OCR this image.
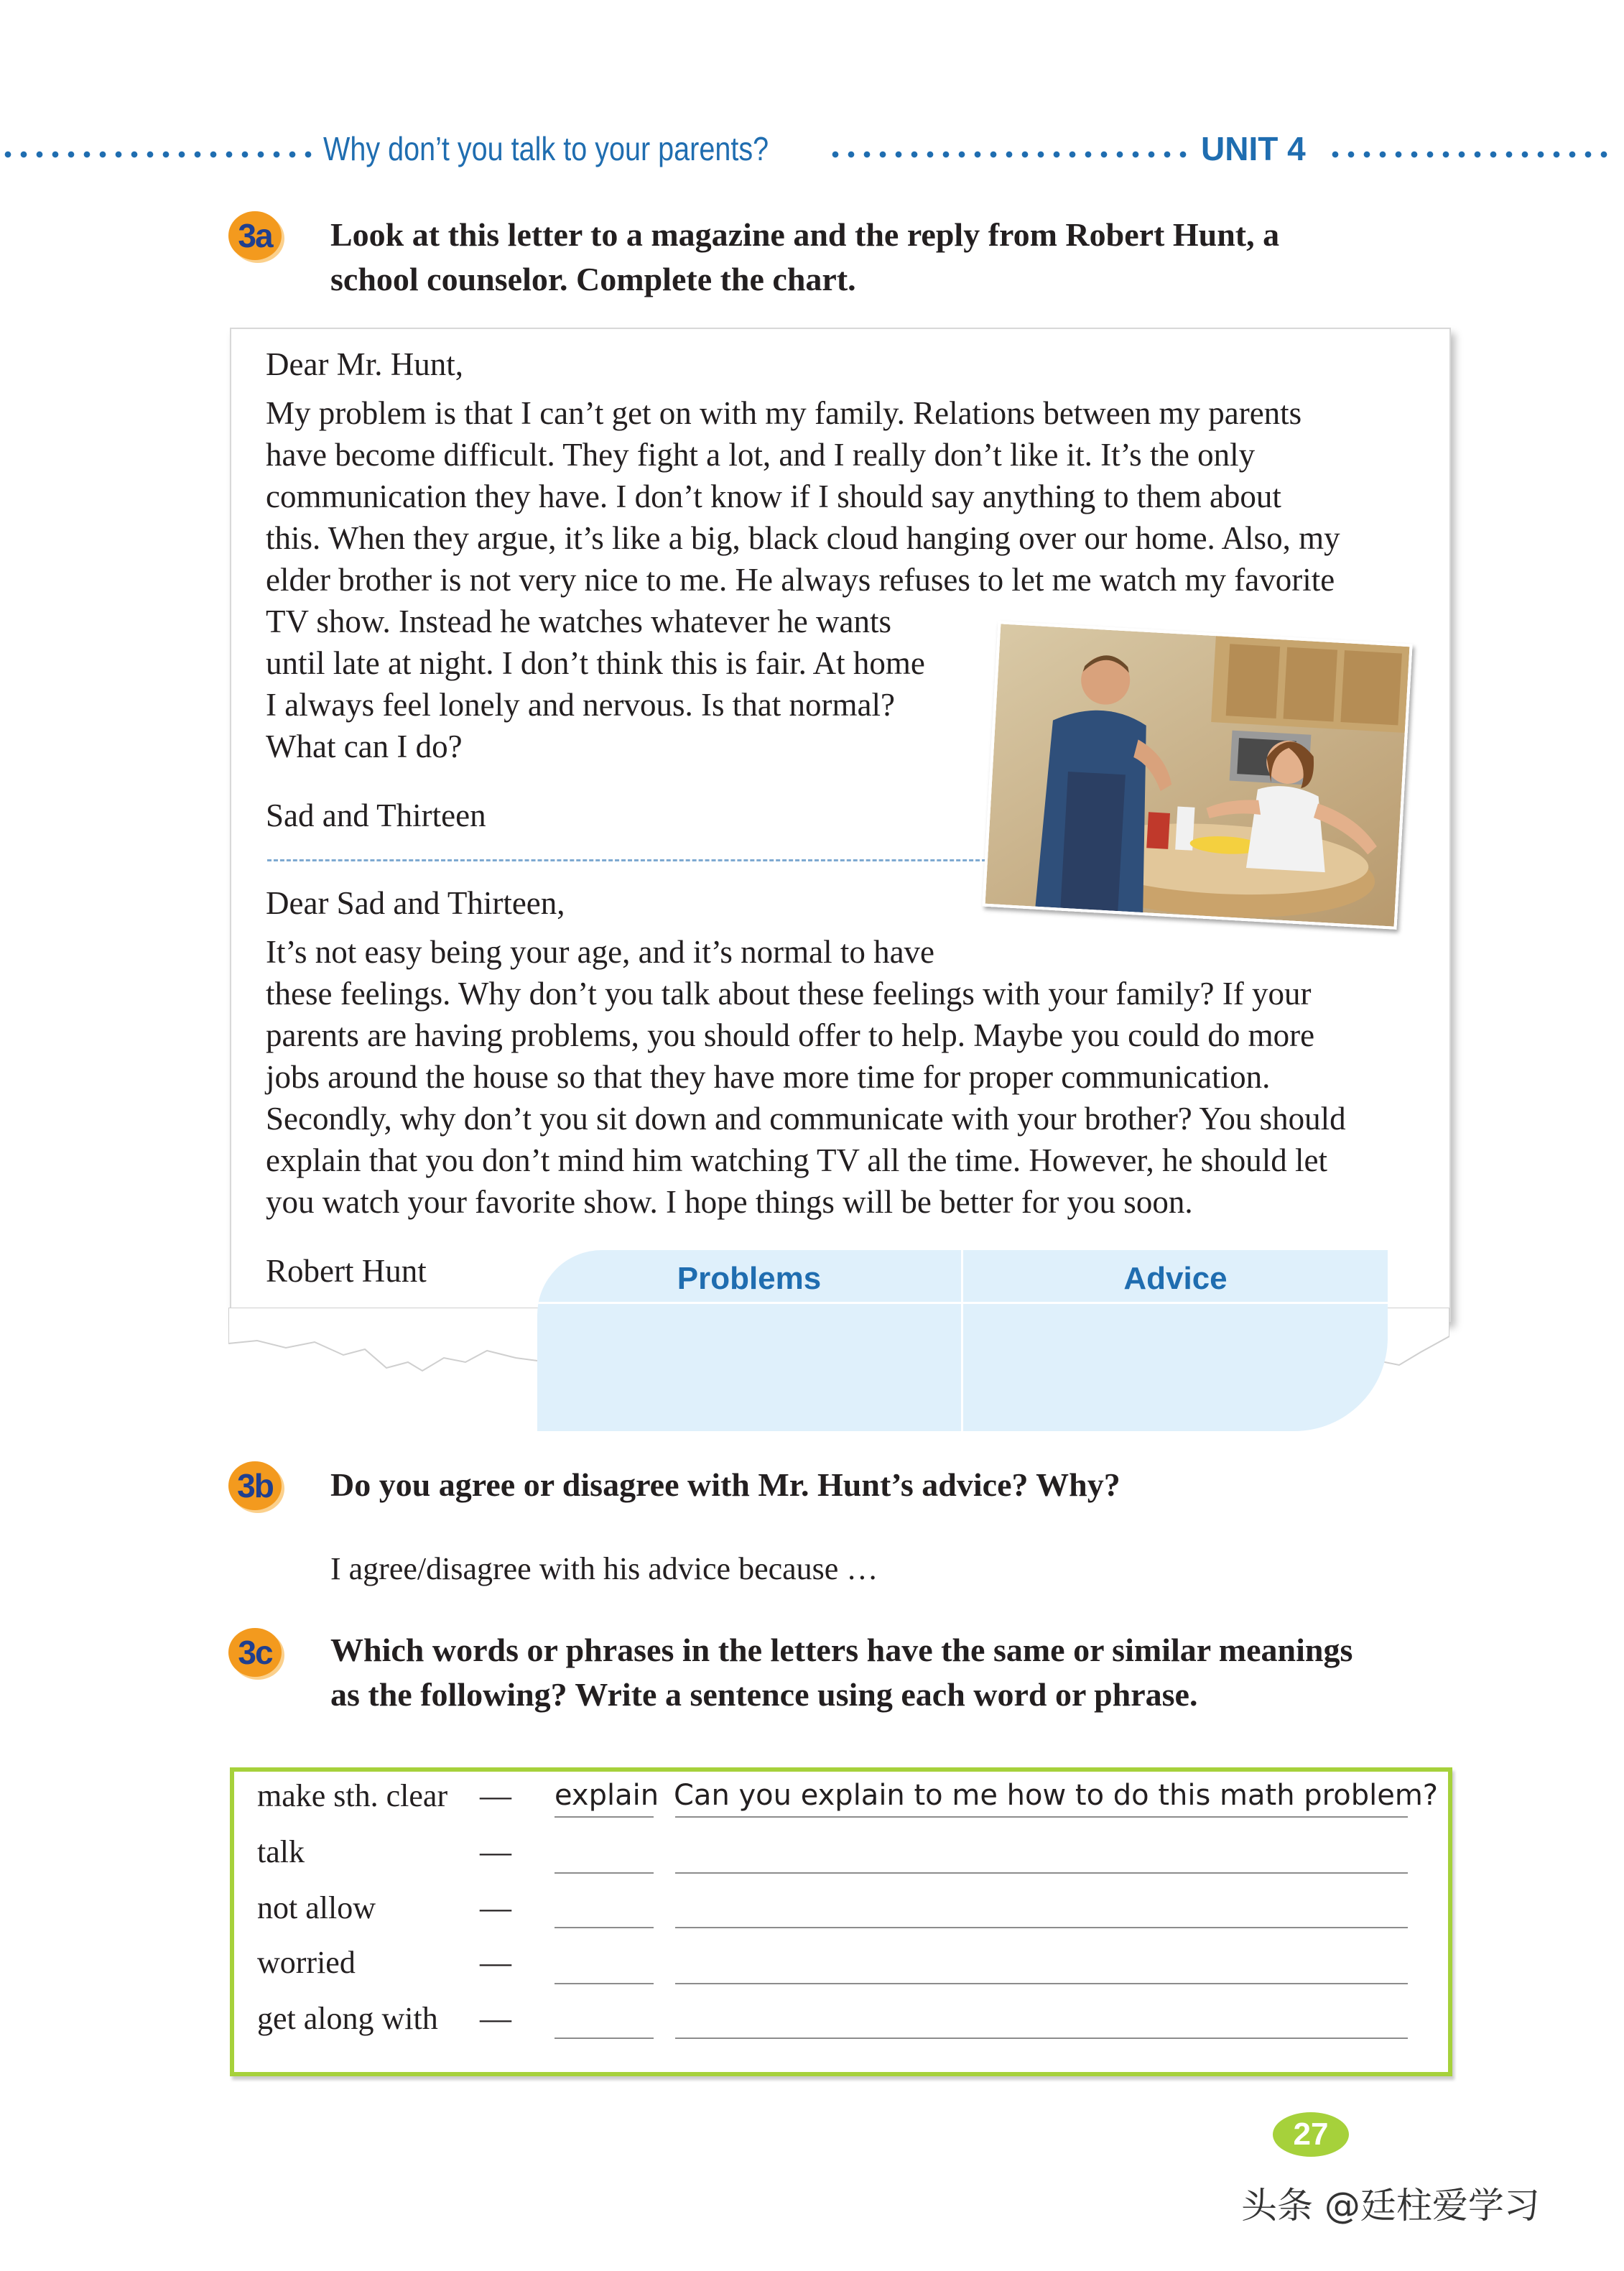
Why don’t you talk to your parents?	UNIT 4
3a Look at this letter to a magazine and the reply from Robert Hunt, a
school counselor. Complete the chart.
Dear Mr. Hunt,
My problem is that I can’t get on with my family. Relations between my parents
have become difficult. They fight a lot, and I really don’t like it. It’s the only
communication they have. I don’t know if I should say anything to them about
this. When they argue, it’s like a big, black cloud hanging over our home. Also, my
elder brother is not very nice to me. He always refuses to let me watch my favorite
TV show. Instead he watches whatever he wants
until late at night. I don’t think this is fair. At home
I always feel lonely and nervous. Is that normal?
What can I do?
Sad and Thirteen
Dear Sad and Thirteen,
It’s not easy being your age, and it’s normal to have
these feelings. Why don’t you talk about these feelings with your family? If your
parents are having problems, you should offer to help. Maybe you could do more
jobs around the house so that they have more time for proper communication.
Secondly, why don’t you sit down and communicate with your brother? You should
explain that you don’t mind him watching TV all the time. However, he should let
you watch your favorite show. I hope things will be better for you soon.
Robert Hunt	Problems	Advice
3b Do you agree or disagree with Mr. Hunt’s advice? Why?
I agree/disagree with his advice because …
3c Which words or phrases in the letters have the same or similar meanings
as the following? Write a sentence using each word or phrase.
make sth. clear — explain Can you explain to me how to do this math problem?
talk	—
not allow	—
worried	—
get along with —
27
头条 @廷柱爱学习
